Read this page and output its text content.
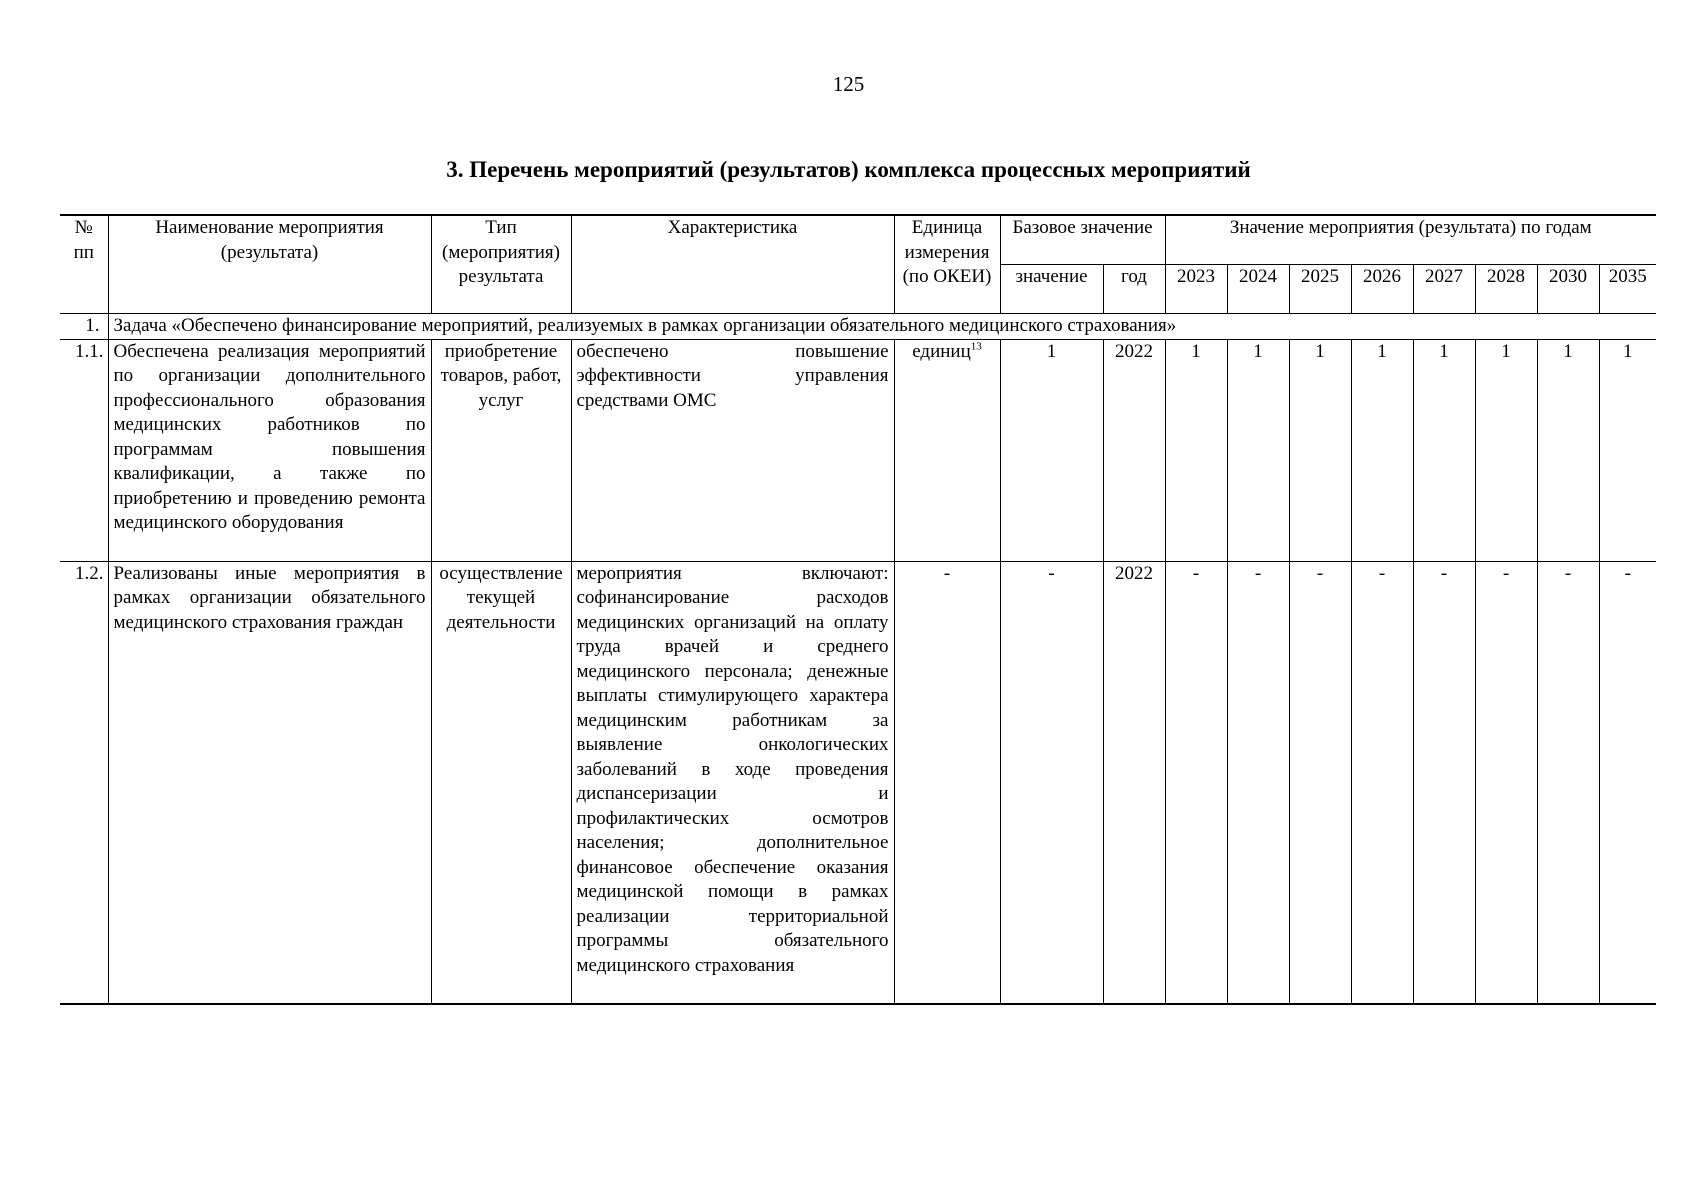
125
3. Перечень мероприятий (результатов) комплекса процессных мероприятий
№ пп	Наименование мероприятия (результата)	Тип (мероприятия) результата	Характеристика	Единица измерения (по ОКЕИ)	Базовое значение		Значение мероприятия (результата) по годам							
					значение	год	2023	2024	2025	2026	2027	2028	2030	2035
1.	Задача «Обеспечено финансирование мероприятий, реализуемых в рамках организации обязательного медицинского страхования»													
1.1.	Обеспечена реализация мероприятий по организации дополнительного профессионального образования медицинских работников по программам повышения квалификации, а также по приобретению и проведению ремонта медицинского оборудования	приобретение товаров, работ, услуг	обеспечено повышение эффективности управления средствами ОМС	единиц$^{13}$	1	2022	1	1	1	1	1	1	1	1
1.2.	Реализованы иные мероприятия в рамках организации обязательного медицинского страхования граждан	осуществление текущей деятельности	мероприятия включают: софинансирование расходов медицинских организаций на оплату труда врачей и среднего медицинского персонала; денежные выплаты стимулирующего характера медицинским работникам за выявление онкологических заболеваний в ходе проведения диспансеризации и профилактических осмотров населения; дополнительное финансовое обеспечение оказания медицинской помощи в рамках реализации территориальной программы обязательного медицинского страхования	-	-	2022	-	-	-	-	-	-	-	-
